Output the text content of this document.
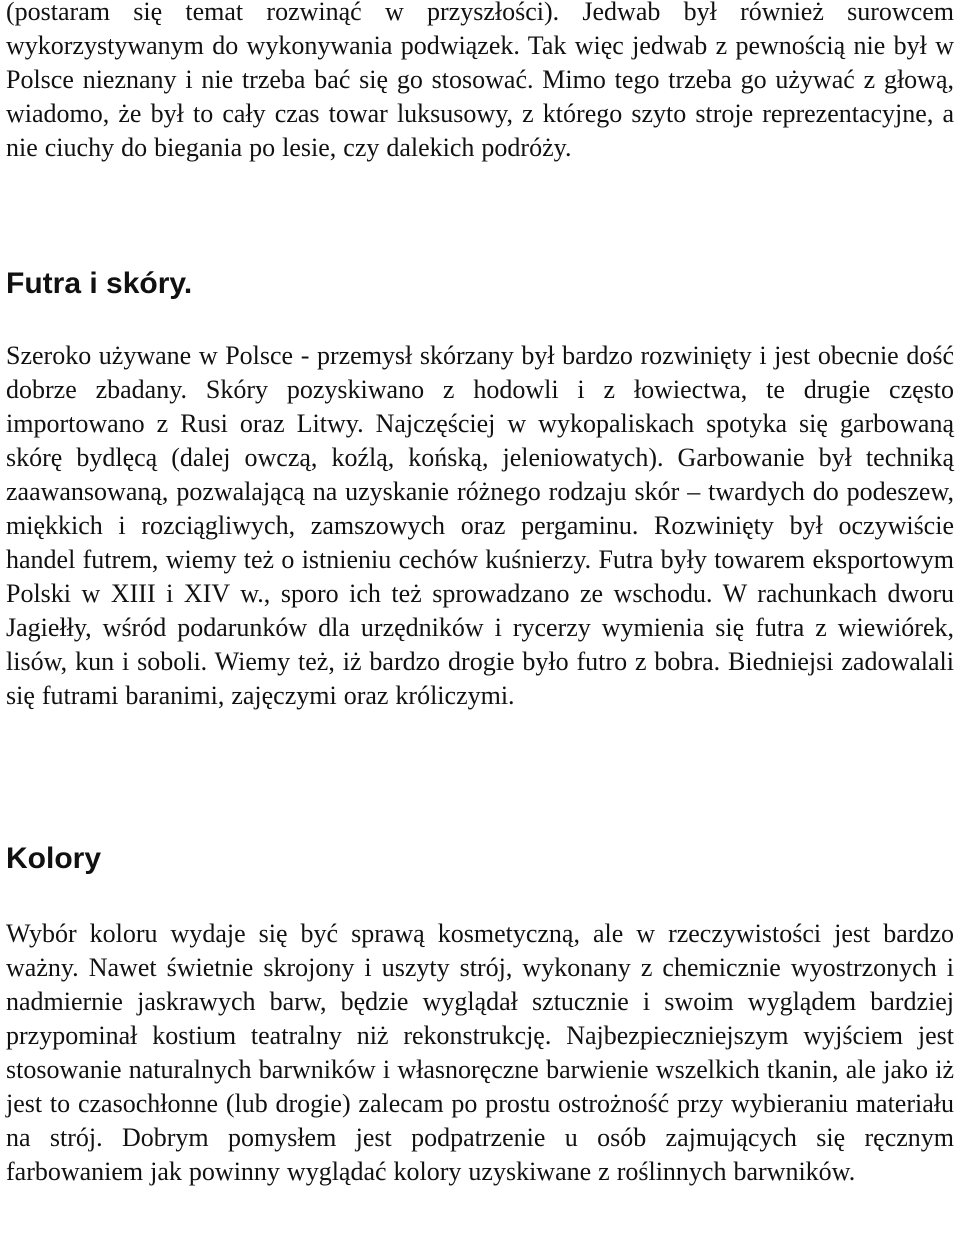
(postaram się temat rozwinąć w przyszłości). Jedwab był również surowcem wykorzystywanym do wykonywania podwiązek. Tak więc jedwab z pewnością nie był w Polsce nieznany i nie trzeba bać się go stosować. Mimo tego trzeba go używać z głową, wiadomo, że był to cały czas towar luksusowy, z którego szyto stroje reprezentacyjne, a nie ciuchy do biegania po lesie, czy dalekich podróży.

Futra i skóry.

Szeroko używane w Polsce - przemysł skórzany był bardzo rozwinięty i jest obecnie dość dobrze zbadany. Skóry pozyskiwano z hodowli i z łowiectwa, te drugie często importowano z Rusi oraz Litwy. Najczęściej w wykopaliskach spotyka się garbowaną skórę bydlęcą (dalej owczą, koźlą, końską, jeleniowatych). Garbowanie był techniką zaawansowaną, pozwalającą na uzyskanie różnego rodzaju skór – twardych do podeszew, miękkich i rozciągliwych, zamszowych oraz pergaminu. Rozwinięty był oczywiście handel futrem, wiemy też o istnieniu cechów kuśnierzy. Futra były towarem eksportowym Polski w XIII i XIV w., sporo ich też sprowadzano ze wschodu. W rachunkach dworu Jagiełły, wśród podarunków dla urzędników i rycerzy wymienia się futra z wiewiórek, lisów, kun i soboli. Wiemy też, iż bardzo drogie było futro z bobra. Biedniejsi zadowalali się futrami baranimi, zajęczymi oraz króliczymi.

Kolory

Wybór koloru wydaje się być sprawą kosmetyczną, ale w rzeczywistości jest bardzo ważny. Nawet świetnie skrojony i uszyty strój, wykonany z chemicznie wyostrzonych i nadmiernie jaskrawych barw, będzie wyglądał sztucznie i swoim wyglądem bardziej przypominał kostium teatralny niż rekonstrukcję. Najbezpieczniejszym wyjściem jest stosowanie naturalnych barwników i własnoręczne barwienie wszelkich tkanin, ale jako iż jest to czasochłonne (lub drogie) zalecam po prostu ostrożność przy wybieraniu materiału na strój. Dobrym pomysłem jest podpatrzenie u osób zajmujących się ręcznym farbowaniem jak powinny wyglądać kolory uzyskiwane z roślinnych barwników.
